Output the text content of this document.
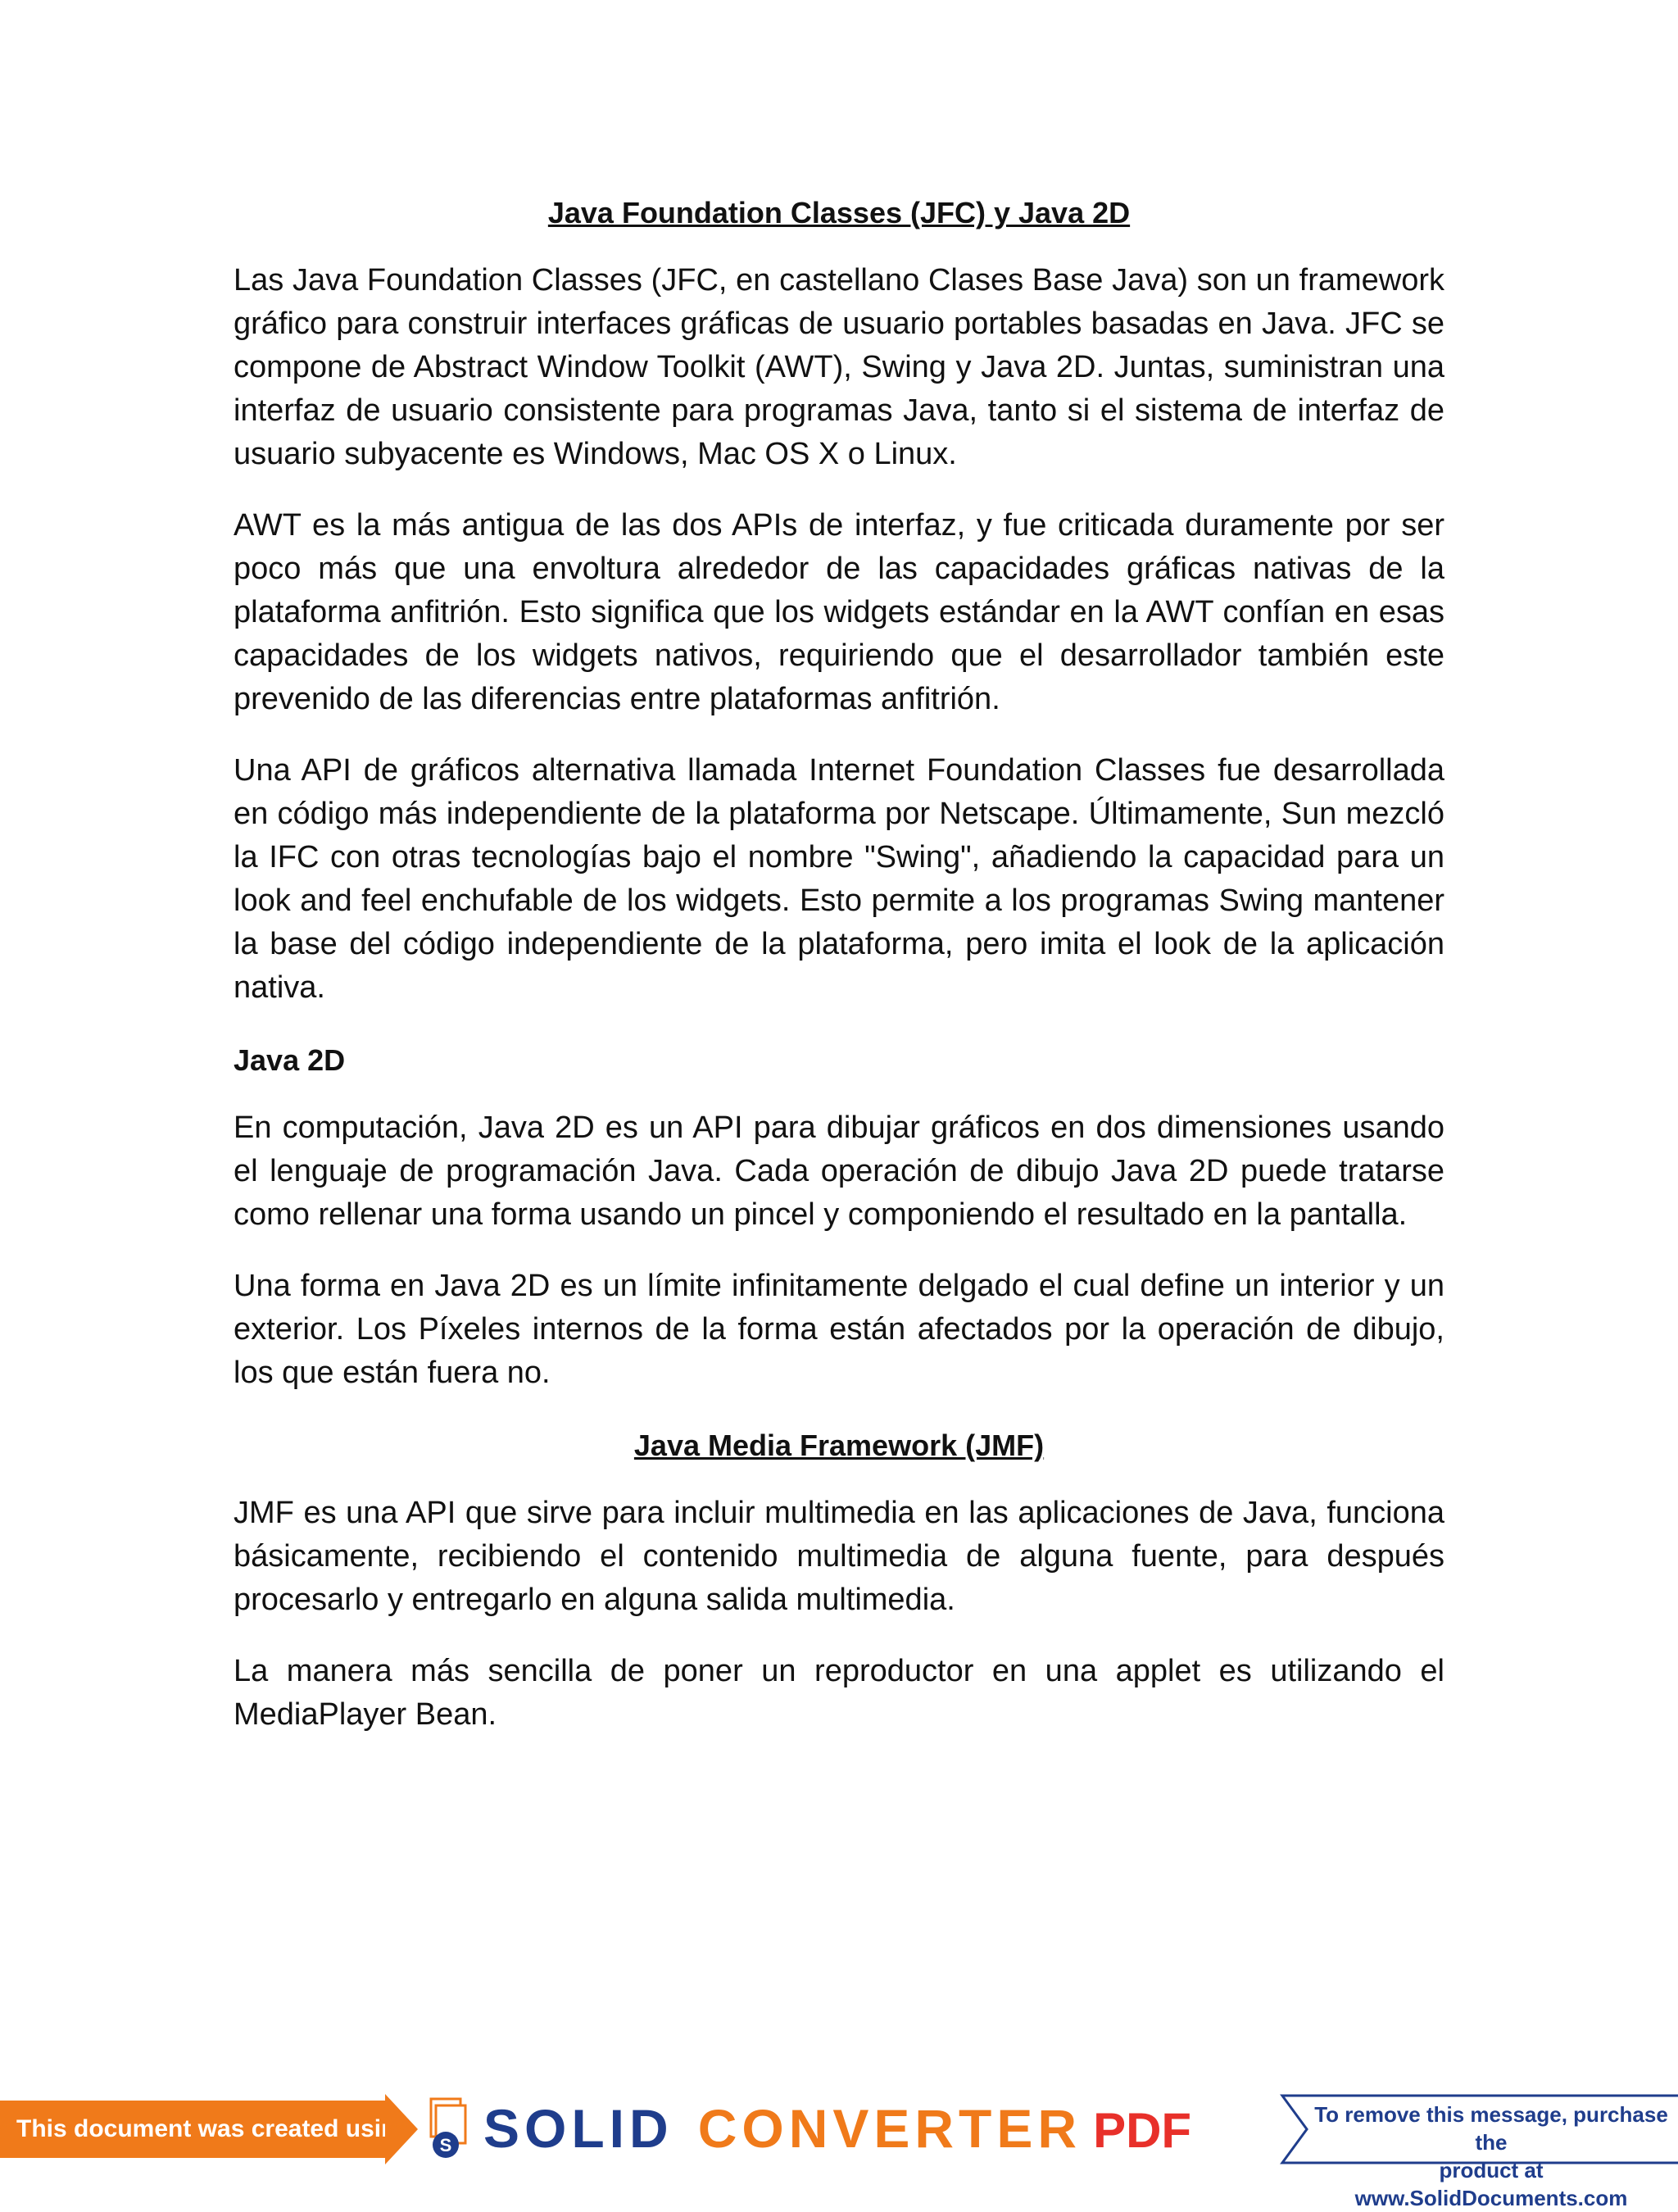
Java Foundation Classes (JFC) y Java 2D

Las Java Foundation Classes (JFC, en castellano Clases Base Java) son un framework gráfico para construir interfaces gráficas de usuario portables basadas en Java. JFC se compone de Abstract Window Toolkit (AWT), Swing y Java 2D. Juntas, suministran una interfaz de usuario consistente para programas Java, tanto si el sistema de interfaz de usuario subyacente es Windows, Mac OS X o Linux.

AWT es la más antigua de las dos APIs de interfaz, y fue criticada duramente por ser poco más que una envoltura alrededor de las capacidades gráficas nativas de la plataforma anfitrión. Esto significa que los widgets estándar en la AWT confían en esas capacidades de los widgets nativos, requiriendo que el desarrollador también este prevenido de las diferencias entre plataformas anfitrión.

Una API de gráficos alternativa llamada Internet Foundation Classes fue desarrollada en código más independiente de la plataforma por Netscape. Últimamente, Sun mezcló la IFC con otras tecnologías bajo el nombre "Swing", añadiendo la capacidad para un look and feel enchufable de los widgets. Esto permite a los programas Swing mantener la base del código independiente de la plataforma, pero imita el look de la aplicación nativa.

Java 2D

En computación, Java 2D es un API para dibujar gráficos en dos dimensiones usando el lenguaje de programación Java. Cada operación de dibujo Java 2D puede tratarse como rellenar una forma usando un pincel y componiendo el resultado en la pantalla.

Una forma en Java 2D es un límite infinitamente delgado el cual define un interior y un exterior. Los Píxeles internos de la forma están afectados por la operación de dibujo, los que están fuera no.

Java Media Framework (JMF)

JMF es una API que sirve para incluir multimedia en las aplicaciones de Java, funciona básicamente, recibiendo el contenido multimedia de alguna fuente, para después procesarlo y entregarlo en alguna salida multimedia.

La manera más sencilla de poner un reproductor en una applet es utilizando el MediaPlayer Bean.

This document was created using
S SOLID CONVERTER PDF	To remove this message, purchase the
product at www.SolidDocuments.com
